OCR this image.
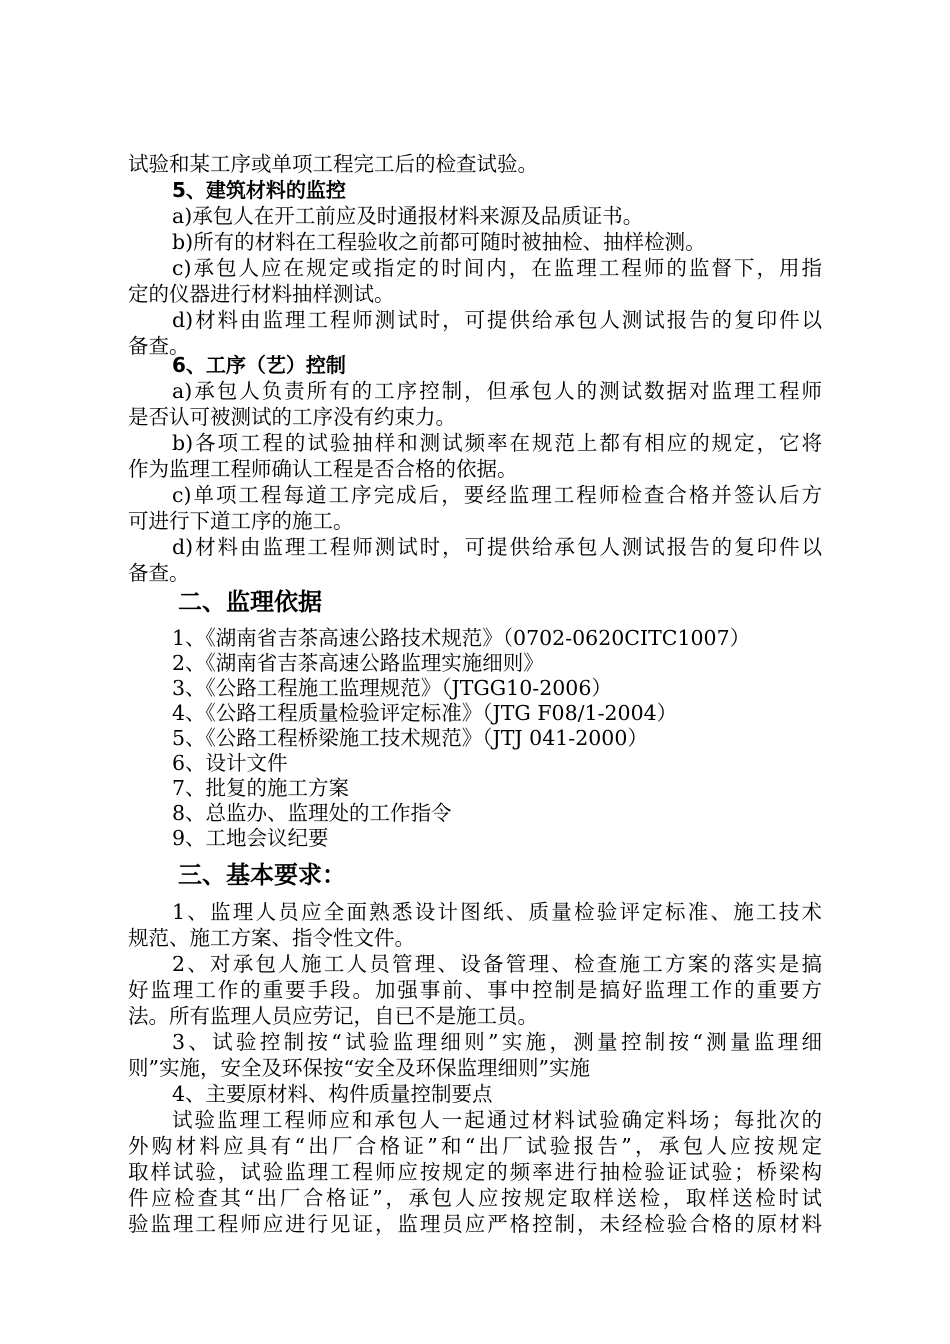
试验和某工序或单项工程完工后的检查试验。

5、建筑材料的监控

a)承包人在开工前应及时通报材料来源及品质证书。

b)所有的材料在工程验收之前都可随时被抽检、抽样检测。

c)承包人应在规定或指定的时间内，在监理工程师的监督下，用指

定的仪器进行材料抽样测试。

d)材料由监理工程师测试时，可提供给承包人测试报告的复印件以

备查。

6、工序（艺）控制

a)承包人负责所有的工序控制，但承包人的测试数据对监理工程师

是否认可被测试的工序没有约束力。

b)各项工程的试验抽样和测试频率在规范上都有相应的规定，它将

作为监理工程师确认工程是否合格的依据。

c)单项工程每道工序完成后，要经监理工程师检查合格并签认后方

可进行下道工序的施工。

d)材料由监理工程师测试时，可提供给承包人测试报告的复印件以

备查。

二、监理依据

1、《湖南省吉茶高速公路技术规范》（0702-0620CITC1007）

2、《湖南省吉茶高速公路监理实施细则》

3、《公路工程施工监理规范》（JTGG10-2006）

4、《公路工程质量检验评定标准》（JTG F08/1-2004）

5、《公路工程桥梁施工技术规范》（JTJ 041-2000）

6、设计文件

7、批复的施工方案

8、总监办、监理处的工作指令

9、工地会议纪要

三、基本要求：

1、监理人员应全面熟悉设计图纸、质量检验评定标准、施工技术

规范、施工方案、指令性文件。

2、对承包人施工人员管理、设备管理、检查施工方案的落实是搞

好监理工作的重要手段。加强事前、事中控制是搞好监理工作的重要方

法。所有监理人员应劳记，自已不是施工员。

3、试验控制按“试验监理细则”实施，测量控制按“测量监理细

则”实施，安全及环保按“安全及环保监理细则”实施

4、主要原材料、构件质量控制要点

试验监理工程师应和承包人一起通过材料试验确定料场；每批次的

外购材料应具有“出厂合格证”和“出厂试验报告”，承包人应按规定

取样试验，试验监理工程师应按规定的频率进行抽检验证试验；桥梁构

件应检查其“出厂合格证”，承包人应按规定取样送检，取样送检时试

验监理工程师应进行见证，监理员应严格控制，未经检验合格的原材料
